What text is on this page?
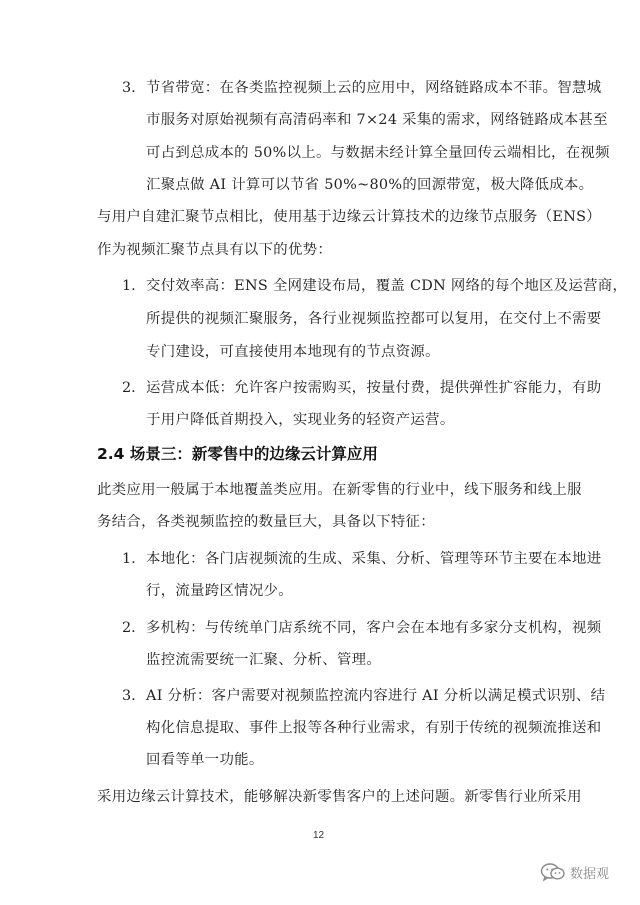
3. 节省带宽：在各类监控视频上云的应用中，网络链路成本不菲。智慧城
市服务对原始视频有高清码率和 7×24 采集的需求，网络链路成本甚至
可占到总成本的 50%以上。与数据未经计算全量回传云端相比，在视频
汇聚点做 AI 计算可以节省 50%~80%的回源带宽，极大降低成本。
与用户自建汇聚节点相比，使用基于边缘云计算技术的边缘节点服务（ENS）
作为视频汇聚节点具有以下的优势：
1. 交付效率高：ENS 全网建设布局，覆盖 CDN 网络的每个地区及运营商，
所提供的视频汇聚服务，各行业视频监控都可以复用，在交付上不需要
专门建设，可直接使用本地现有的节点资源。
2. 运营成本低：允许客户按需购买，按量付费，提供弹性扩容能力，有助
于用户降低首期投入，实现业务的轻资产运营。
2.4 场景三：新零售中的边缘云计算应用
此类应用一般属于本地覆盖类应用。在新零售的行业中，线下服务和线上服
务结合，各类视频监控的数量巨大，具备以下特征：
1. 本地化：各门店视频流的生成、采集、分析、管理等环节主要在本地进
行，流量跨区情况少。
2. 多机构：与传统单门店系统不同，客户会在本地有多家分支机构，视频
监控流需要统一汇聚、分析、管理。
3. AI 分析：客户需要对视频监控流内容进行 AI 分析以满足模式识别、结
构化信息提取、事件上报等各种行业需求，有别于传统的视频流推送和
回看等单一功能。
采用边缘云计算技术，能够解决新零售客户的上述问题。新零售行业所采用
12
数据观
